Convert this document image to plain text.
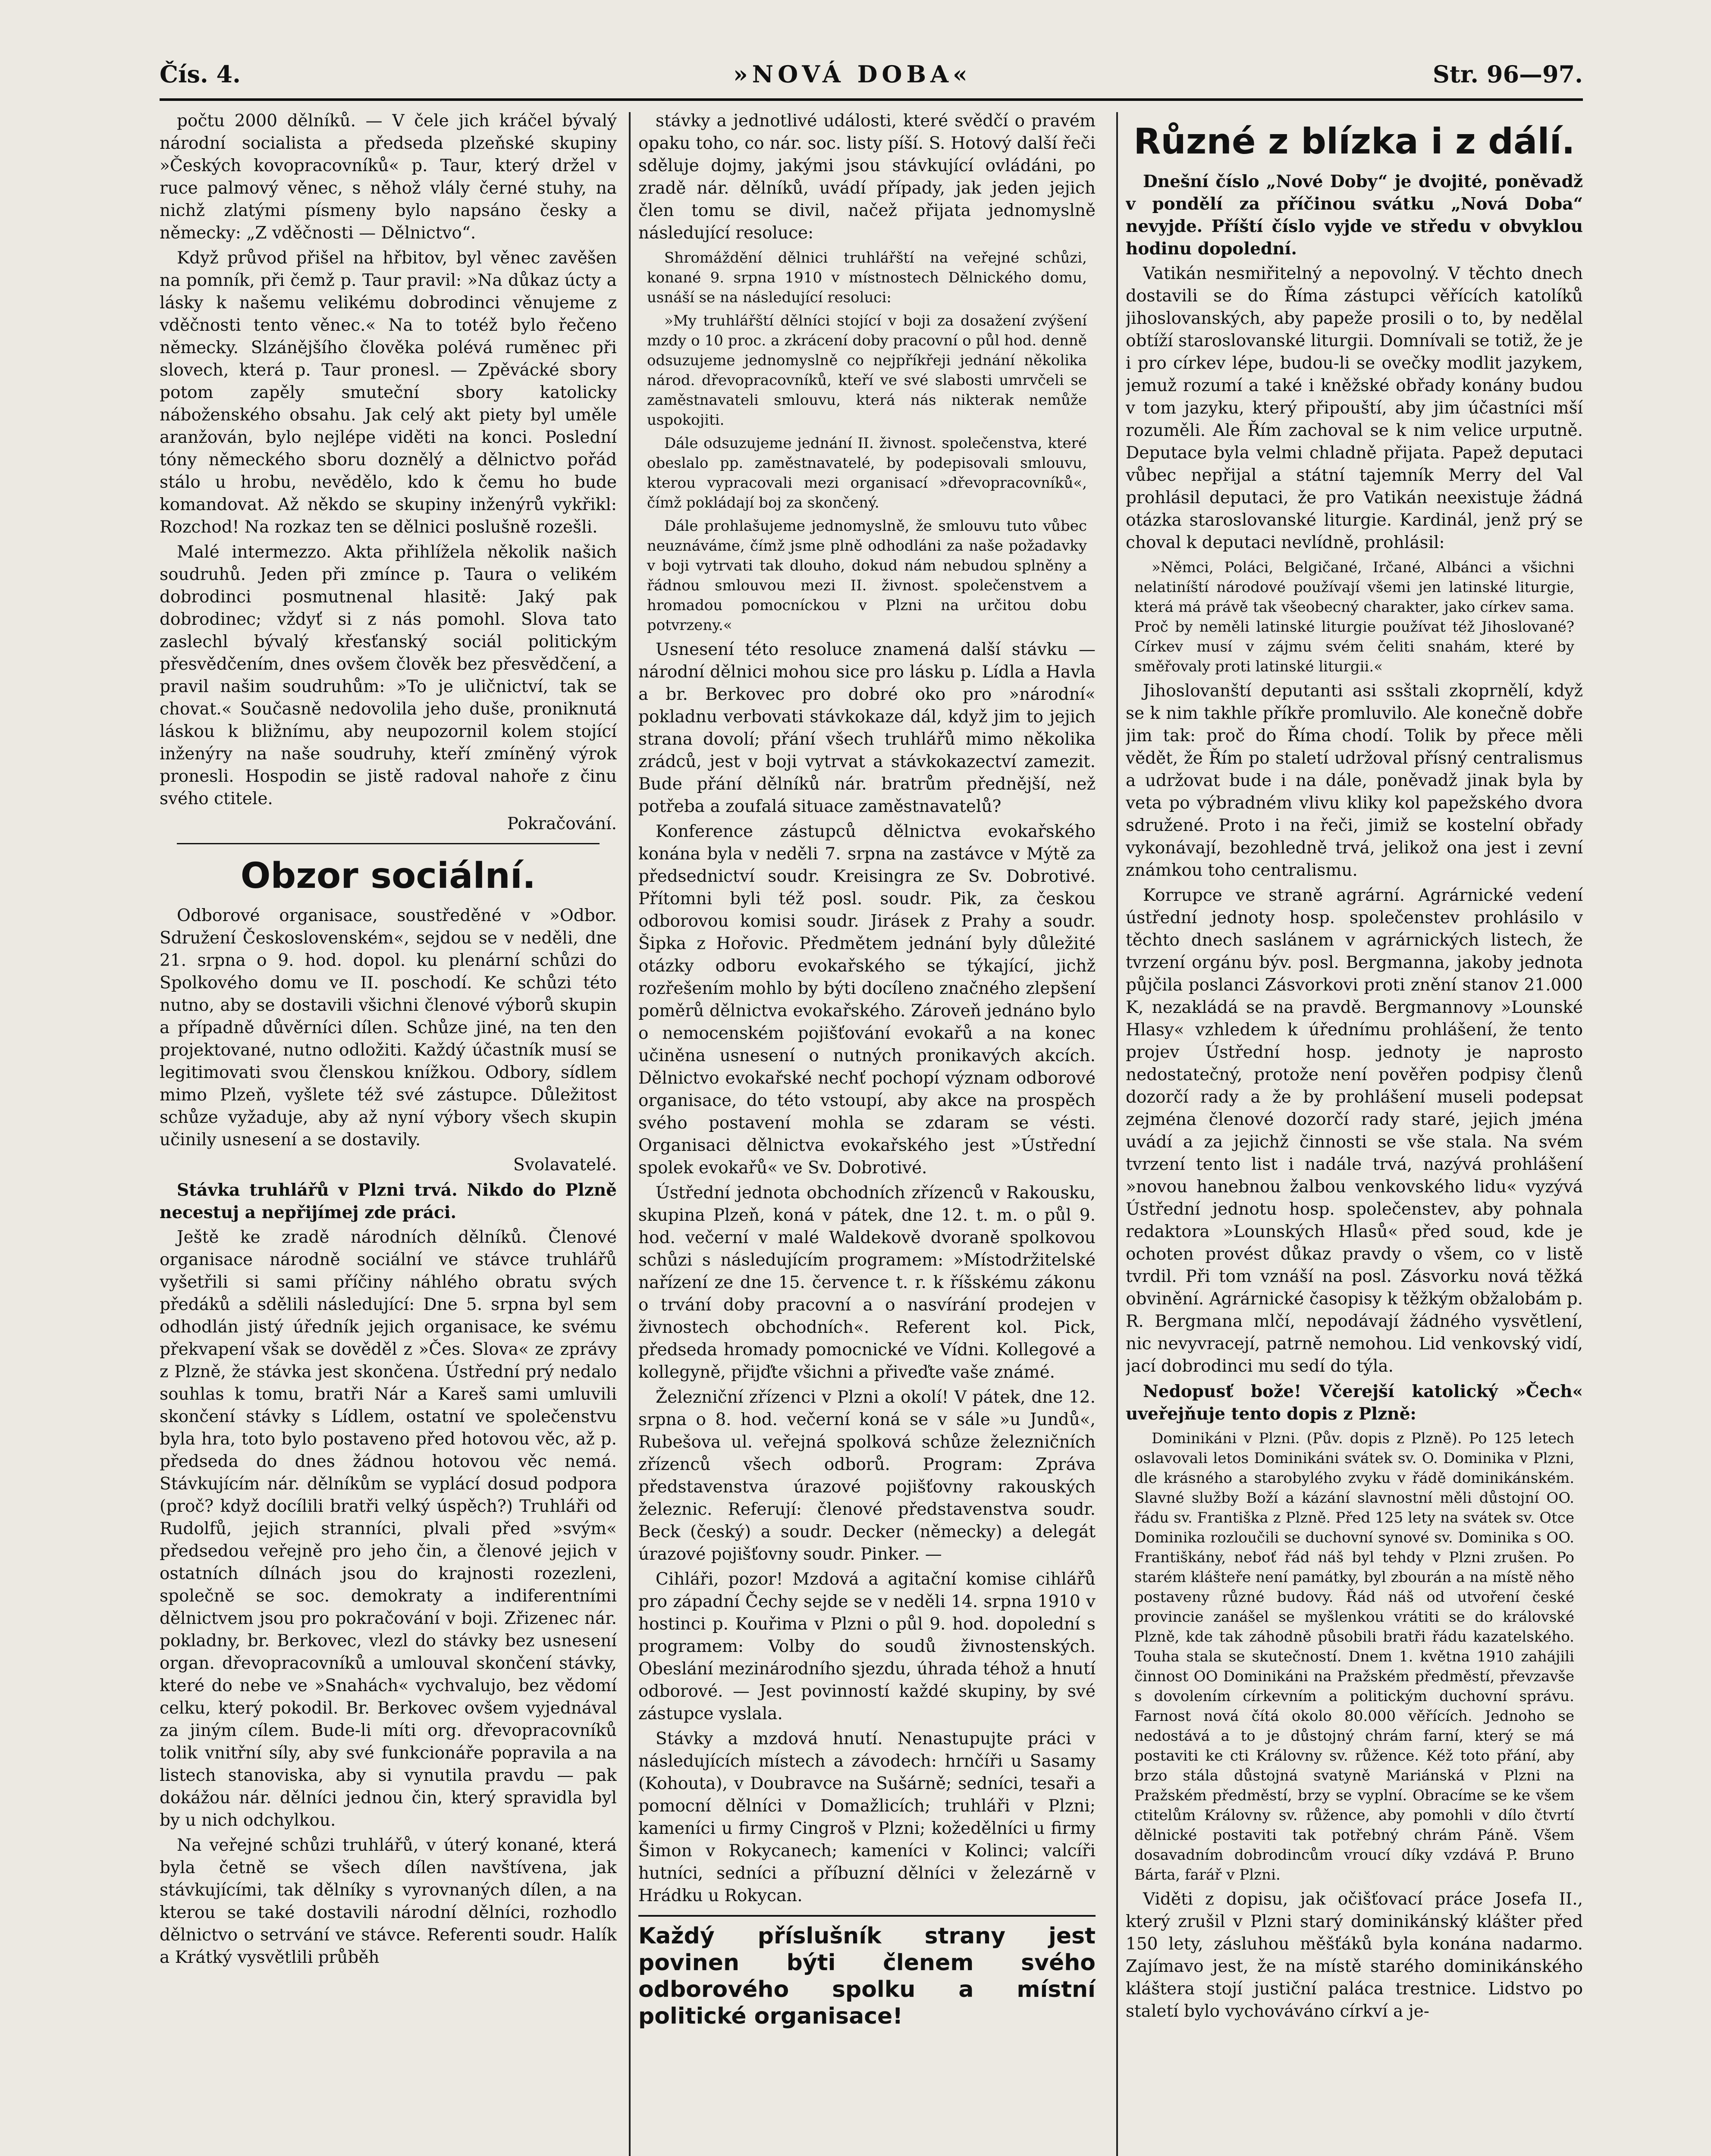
Čís. 4.	»NOVÁ DOBA«	Str. 96—97.

počtu 2000 dělníků. — V čele jich kráčel bývalý národní socialista a předseda plzeňské skupiny »Českých kovopracovníků« p. Taur, který držel v ruce palmový věnec, s něhož vlály černé stuhy, na nichž zlatými písmeny bylo napsáno česky a německy: „Z vděčnosti — Dělnictvo“.

Když průvod přišel na hřbitov, byl věnec zavěšen na pomník, při čemž p. Taur pravil: »Na důkaz úcty a lásky k našemu velikému dobrodinci věnujeme z vděčnosti tento věnec.« Na to totéž bylo řečeno německy. Slzánějšího člověka polévá ruměnec při slovech, která p. Taur pronesl. — Zpěvácké sbory potom zapěly smuteční sbory katolicky náboženského obsahu. Jak celý akt piety byl uměle aranžován, bylo nejlépe viděti na konci. Poslední tóny německého sboru doznělý a dělnictvo pořád stálo u hrobu, nevědělo, kdo k čemu ho bude komandovat. Až někdo se skupiny inženýrů vykřikl: Rozchod! Na rozkaz ten se dělnici poslušně rozešli.

Malé intermezzo. Akta přihlížela několik našich soudruhů. Jeden při zmínce p. Taura o velikém dobrodinci posmutnenal hlasitě: Jaký pak dobrodinec; vždyť si z nás pomohl. Slova tato zaslechl bývalý křesťanský sociál politickým přesvědčením, dnes ovšem člověk bez přesvědčení, a pravil našim soudruhům: »To je uličnictví, tak se chovat.« Současně nedovolila jeho duše, proniknutá láskou k bližnímu, aby neupozornil kolem stojící inženýry na naše soudruhy, kteří zmíněný výrok pronesli. Hospodin se jistě radoval nahoře z činu svého ctitele.

Pokračování.

Obzor sociální.

Odborové organisace, soustředěné v »Odbor. Sdružení Československém«, sejdou se v neděli, dne 21. srpna o 9. hod. dopol. ku plenární schůzi do Spolkového domu ve II. poschodí. Ke schůzi této nutno, aby se dostavili všichni členové výborů skupin a případně důvěrníci dílen. Schůze jiné, na ten den projektované, nutno odložiti. Každý účastník musí se legitimovati svou členskou knížkou. Odbory, sídlem mimo Plzeň, vyšlete též své zástupce. Důležitost schůze vyžaduje, aby až nyní výbory všech skupin učinily usnesení a se dostavily.

Svolavatelé.

Stávka truhlářů v Plzni trvá. Nikdo do Plzně necestuj a nepřijímej zde práci.

Ještě ke zradě národních dělníků. Členové organisace národně sociální ve stávce truhlářů vyšetřili si sami příčiny náhlého obratu svých předáků a sdělili následující: Dne 5. srpna byl sem odhodlán jistý úředník jejich organisace, ke svému překvapení však se dověděl z »Čes. Slova« ze zprávy z Plzně, že stávka jest skončena. Ústřední prý nedalo souhlas k tomu, bratři Nár a Kareš sami umluvili skončení stávky s Lídlem, ostatní ve společenstvu byla hra, toto bylo postaveno před hotovou věc, až p. předseda do dnes žádnou hotovou věc nemá. Stávkujícím nár. dělníkům se vyplácí dosud podpora (proč? když docílili bratři velký úspěch?) Truhláři od Rudolfů, jejich stranníci, plvali před »svým« předsedou veřejně pro jeho čin, a členové jejich v ostatních dílnách jsou do krajnosti rozezleni, společně se soc. demokraty a indiferentními dělnictvem jsou pro pokračování v boji. Zřizenec nár. pokladny, br. Berkovec, vlezl do stávky bez usnesení organ. dřevopracovníků a umlouval skončení stávky, které do nebe ve »Snahách« vychvalujo, bez vědomí celku, který pokodil. Br. Berkovec ovšem vyjednával za jiným cílem. Bude-li míti org. dřevopracovníků tolik vnitřní síly, aby své funkcionáře popravila a na listech stanoviska, aby si vynutila pravdu — pak dokážou nár. dělníci jednou čin, který spravidla byl by u nich odchylkou.

Na veřejné schůzi truhlářů, v úterý konané, která byla četně se všech dílen navštívena, jak stávkujícími, tak dělníky s vyrovnaných dílen, a na kterou se také dostavili národní dělníci, rozhodlo dělnictvo o setrvání ve stávce. Referenti soudr. Halík a Krátký vysvětlili průběh

stávky a jednotlivé události, které svědčí o pravém opaku toho, co nár. soc. listy píší. S. Hotový další řeči sděluje dojmy, jakými jsou stávkující ovládáni, po zradě nár. dělníků, uvádí případy, jak jeden jejich člen tomu se divil, načež přijata jednomyslně následující resoluce:

Shromáždění dělnici truhlářští na veřejné schůzi, konané 9. srpna 1910 v místnostech Dělnického domu, usnáší se na následující resoluci:

»My truhlářští dělníci stojící v boji za dosažení zvýšení mzdy o 10 proc. a zkrácení doby pracovní o půl hod. denně odsuzujeme jednomyslně co nejpříkřeji jednání několika národ. dřevopracovníků, kteří ve své slabosti umrvčeli se zaměstnavateli smlouvu, která nás nikterak nemůže uspokojiti.

Dále odsuzujeme jednání II. živnost. společenstva, které obeslalo pp. zaměstnavatelé, by podepisovali smlouvu, kterou vypracovali mezi organisací »dřevopracovníků«, čímž pokládají boj za skončený.

Dále prohlašujeme jednomyslně, že smlouvu tuto vůbec neuznáváme, čímž jsme plně odhodláni za naše požadavky v boji vytrvati tak dlouho, dokud nám nebudou splněny a řádnou smlouvou mezi II. živnost. společenstvem a hromadou pomocníckou v Plzni na určitou dobu potvrzeny.«

Usnesení této resoluce znamená další stávku — národní dělnici mohou sice pro lásku p. Lídla a Havla a br. Berkovec pro dobré oko pro »národní« pokladnu verbovati stávkokaze dál, když jim to jejich strana dovolí; přání všech truhlářů mimo několika zrádců, jest v boji vytrvat a stávkokazectví zamezit. Bude přání dělníků nár. bratrům přednější, než potřeba a zoufalá situace zaměstnavatelů?

Konference zástupců dělnictva evokařského konána byla v neděli 7. srpna na zastávce v Mýtě za předsednictví soudr. Kreisingra ze Sv. Dobrotivé. Přítomni byli též posl. soudr. Pik, za českou odborovou komisi soudr. Jirásek z Prahy a soudr. Šipka z Hořovic. Předmětem jednání byly důležité otázky odboru evokařského se týkající, jichž rozřešením mohlo by býti docíleno značného zlepšení poměrů dělnictva evokařského. Zároveň jednáno bylo o nemocenském pojišťování evokařů a na konec učiněna usnesení o nutných pronikavých akcích. Dělnictvo evokařské nechť pochopí význam odborové organisace, do této vstoupí, aby akce na prospěch svého postavení mohla se zdaram se vésti. Organisaci dělnictva evokařského jest »Ústřední spolek evokařů« ve Sv. Dobrotivé.

Ústřední jednota obchodních zřízenců v Rakousku, skupina Plzeň, koná v pátek, dne 12. t. m. o půl 9. hod. večerní v malé Waldekově dvoraně spolkovou schůzi s následujícím programem: »Místodržitelské nařízení ze dne 15. července t. r. k říšskému zákonu o trvání doby pracovní a o nasvírání prodejen v živnostech obchodních«. Referent kol. Pick, předseda hromady pomocnické ve Vídni. Kollegové a kollegyně, přijďte všichni a přiveďte vaše známé.

Železniční zřízenci v Plzni a okolí! V pátek, dne 12. srpna o 8. hod. večerní koná se v sále »u Jundů«, Rubešova ul. veřejná spolková schůze železničních zřízenců všech odborů. Program: Zpráva představenstva úrazové pojišťovny rakouských železnic. Referují: členové představenstva soudr. Beck (český) a soudr. Decker (německy) a delegát úrazové pojišťovny soudr. Pinker. —

Cihláři, pozor! Mzdová a agitační komise cihlářů pro západní Čechy sejde se v neděli 14. srpna 1910 v hostinci p. Kouřima v Plzni o půl 9. hod. dopolední s programem: Volby do soudů živnostenských. Obeslání mezinárodního sjezdu, úhrada téhož a hnutí odborové. — Jest povinností každé skupiny, by své zástupce vyslala.

Stávky a mzdová hnutí. Nenastupujte práci v následujících místech a závodech: hrnčíři u Sasamy (Kohouta), v Doubravce na Sušárně; sedníci, tesaři a pomocní dělníci v Domažlicích; truhláři v Plzni; kameníci u firmy Cingroš v Plzni; kožedělníci u firmy Šimon v Rokycanech; kameníci v Kolinci; valcíři hutníci, sedníci a příbuzní dělníci v železárně v Hrádku u Rokycan.

Každý příslušník strany jest povinen býti členem svého odborového spolku a místní politické organisace!
Různé z blízka i z dálí.

Dnešní číslo „Nové Doby“ je dvojité, poněvadž v pondělí za příčinou svátku „Nová Doba“ nevyjde. Příští číslo vyjde ve středu v obvyklou hodinu dopolední.

Vatikán nesmiřitelný a nepovolný. V těchto dnech dostavili se do Říma zástupci věřících katolíků jihoslovanských, aby papeže prosili o to, by nedělal obtíží staroslovanské liturgii. Domnívali se totiž, že je i pro církev lépe, budou-li se ovečky modlit jazykem, jemuž rozumí a také i kněžské obřady konány budou v tom jazyku, který připouští, aby jim účastníci mší rozuměli. Ale Řím zachoval se k nim velice urputně. Deputace byla velmi chladně přijata. Papež deputaci vůbec nepřijal a státní tajemník Merry del Val prohlásil deputaci, že pro Vatikán neexistuje žádná otázka staroslovanské liturgie. Kardinál, jenž prý se choval k deputaci nevlídně, prohlásil:

»Němci, Poláci, Belgičané, Irčané, Albánci a všichni nelatiníští národové používají všemi jen latinské liturgie, která má právě tak všeobecný charakter, jako církev sama. Proč by neměli latinské liturgie používat též Jihoslované? Církev musí v zájmu svém čeliti snahám, které by směřovaly proti latinské liturgii.«

Jihoslovanští deputanti asi ssštali zkoprnělí, když se k nim takhle příkře promluvilo. Ale konečně dobře jim tak: proč do Říma chodí. Tolik by přece měli vědět, že Řím po staletí udržoval přísný centralismus a udržovat bude i na dále, poněvadž jinak byla by veta po výbradném vlivu kliky kol papežského dvora sdružené. Proto i na řeči, jimiž se kostelní obřady vykonávají, bezohledně trvá, jelikož ona jest i zevní známkou toho centralismu.

Korrupce ve straně agrární. Agrárnické vedení ústřední jednoty hosp. společenstev prohlásilo v těchto dnech saslánem v agrárnických listech, že tvrzení orgánu býv. posl. Bergmanna, jakoby jednota půjčila poslanci Zásvorkovi proti znění stanov 21.000 K, nezakládá se na pravdě. Bergmannovy »Lounské Hlasy« vzhledem k úřednímu prohlášení, že tento projev Ústřední hosp. jednoty je naprosto nedostatečný, protože není pověřen podpisy členů dozorčí rady a že by prohlášení museli podepsat zejména členové dozorčí rady staré, jejich jména uvádí a za jejichž činnosti se vše stala. Na svém tvrzení tento list i nadále trvá, nazývá prohlášení »novou hanebnou žalbou venkovského lidu« vyzývá Ústřední jednotu hosp. společenstev, aby pohnala redaktora »Lounských Hlasů« před soud, kde je ochoten provést důkaz pravdy o všem, co v listě tvrdil. Při tom vznáší na posl. Zásvorku nová těžká obvinění. Agrárnické časopisy k těžkým obžalobám p. R. Bergmana mlčí, nepodávají žádného vysvětlení, nic nevyvracejí, patrně nemohou. Lid venkovský vidí, jací dobrodinci mu sedí do týla.

Nedopusť bože! Včerejší katolický »Čech« uveřejňuje tento dopis z Plzně:

Dominikáni v Plzni. (Pův. dopis z Plzně). Po 125 letech oslavovali letos Dominikáni svátek sv. O. Dominika v Plzni, dle krásného a starobylého zvyku v řádě dominikánském. Slavné služby Boží a kázání slavnostní měli důstojní OO. řádu sv. Františka z Plzně. Před 125 lety na svátek sv. Otce Dominika rozloučili se duchovní synové sv. Dominika s OO. Františkány, neboť řád náš byl tehdy v Plzni zrušen. Po starém klášteře není památky, byl zbourán a na místě něho postaveny různé budovy. Řád náš od utvoření české provincie zanášel se myšlenkou vrátiti se do královské Plzně, kde tak záhodně působili bratři řádu kazatelského. Touha stala se skutečností. Dnem 1. května 1910 zahájili činnost OO Dominikáni na Pražském předměstí, převzavše s dovolením církevním a politickým duchovní správu. Farnost nová čítá okolo 80.000 věřících. Jednoho se nedostává a to je důstojný chrám farní, který se má postaviti ke cti Královny sv. růžence. Kéž toto přání, aby brzo stála důstojná svatyně Mariánská v Plzni na Pražském předměstí, brzy se vyplní. Obracíme se ke všem ctitelům Královny sv. růžence, aby pomohli v dílo čtvrtí dělnické postaviti tak potřebný chrám Páně. Všem dosavadním dobrodincům vroucí díky vzdává P. Bruno Bárta, farář v Plzni.

Viděti z dopisu, jak očišťovací práce Josefa II., který zrušil v Plzni starý dominikánský klášter před 150 lety, zásluhou měšťáků byla konána nadarmo. Zajímavo jest, že na místě starého dominikánského kláštera stojí justiční paláca trestnice. Lidstvo po staletí bylo vychováváno církví a je-
